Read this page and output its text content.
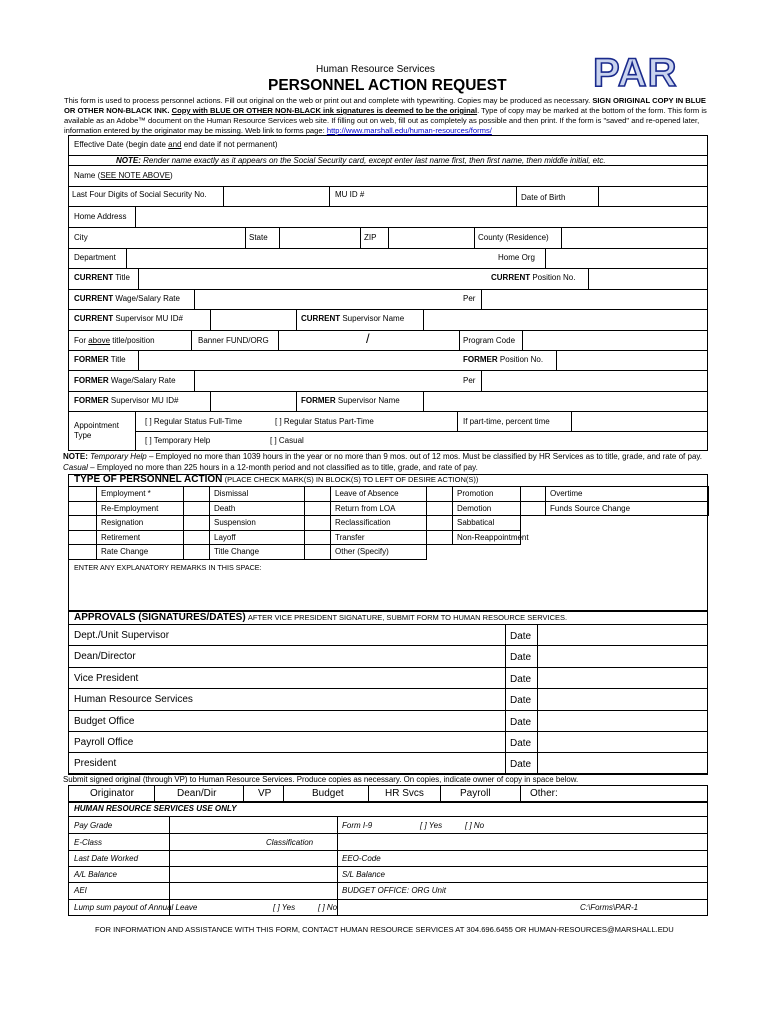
Human Resource Services
PERSONNEL ACTION REQUEST PAR
This form is used to process personnel actions. Fill out original on the web or print out and complete with typewriting. Copies may be produced as necessary. SIGN ORIGINAL COPY IN BLUE OR OTHER NON-BLACK INK. Copy with BLUE OR OTHER NON-BLACK ink signatures is deemed to be the original. Type of copy may be marked at the bottom of the form. This form is available as an Adobe™ document on the Human Resource Services web site. If filling out on web, fill out as completely as possible and then print. If the form is "saved" and re-opened later, information entered by the originator may be missing. Web link to forms page: http://www.marshall.edu/human-resources/forms/
Effective Date (begin date and end date if not permanent)
NOTE: Render name exactly as it appears on the Social Security card, except enter last name first, then first name, then middle initial, etc.
Name (SEE NOTE ABOVE)
Last Four Digits of Social Security No.	MU ID #	Date of Birth
Home Address
City	State	ZIP	County (Residence)
Department	Home Org
CURRENT Title	CURRENT Position No.
CURRENT Wage/Salary Rate	Per
CURRENT Supervisor MU ID#	CURRENT Supervisor Name
For above title/position	Banner FUND/ORG	/	Program Code
FORMER Title	FORMER Position No.
FORMER Wage/Salary Rate	Per
FORMER Supervisor MU ID#	FORMER Supervisor Name
Appointment Type
[ ] Regular Status Full-Time	[ ] Regular Status Part-Time	If part-time, percent time
[ ] Temporary Help	[ ] Casual
NOTE: Temporary Help – Employed no more than 1039 hours in the year or no more than 9 mos. out of 12 mos. Must be classified by HR Services as to title, grade, and rate of pay. Casual – Employed no more than 225 hours in a 12-month period and not classified as to title, grade, and rate of pay.
TYPE OF PERSONNEL ACTION (PLACE CHECK MARK(S) IN BLOCK(S) TO LEFT OF DESIRE ACTION(S))
Employment *	Dismissal	Leave of Absence	Promotion	Overtime
Re-Employment	Death	Return from LOA	Demotion	Funds Source Change
Resignation	Suspension	Reclassification	Sabbatical
Retirement	Layoff	Transfer	Non-Reappointment
Rate Change	Title Change	Other (Specify)
ENTER ANY EXPLANATORY REMARKS IN THIS SPACE:
APPROVALS (SIGNATURES/DATES) AFTER VICE PRESIDENT SIGNATURE, SUBMIT FORM TO HUMAN RESOURCE SERVICES.
Dept./Unit Supervisor	Date
Dean/Director	Date
Vice President	Date
Human Resource Services	Date
Budget Office	Date
Payroll Office	Date
President	Date
Submit signed original (through VP) to Human Resource Services. Produce copies as necessary. On copies, indicate owner of copy in space below.
Originator	Dean/Dir	VP	Budget	HR Svcs	Payroll	Other:
HUMAN RESOURCE SERVICES USE ONLY
Pay Grade	Form I-9	[ ] Yes	[ ] No
E-Class	Classification
Last Date Worked	EEO-Code
A/L Balance	S/L Balance
AEI	BUDGET OFFICE: ORG Unit
Lump sum payout of Annual Leave	[ ] Yes	[ ] No	C:\Forms\PAR-1
FOR INFORMATION AND ASSISTANCE WITH THIS FORM, CONTACT HUMAN RESOURCE SERVICES AT 304.696.6455 OR HUMAN-RESOURCES@MARSHALL.EDU
